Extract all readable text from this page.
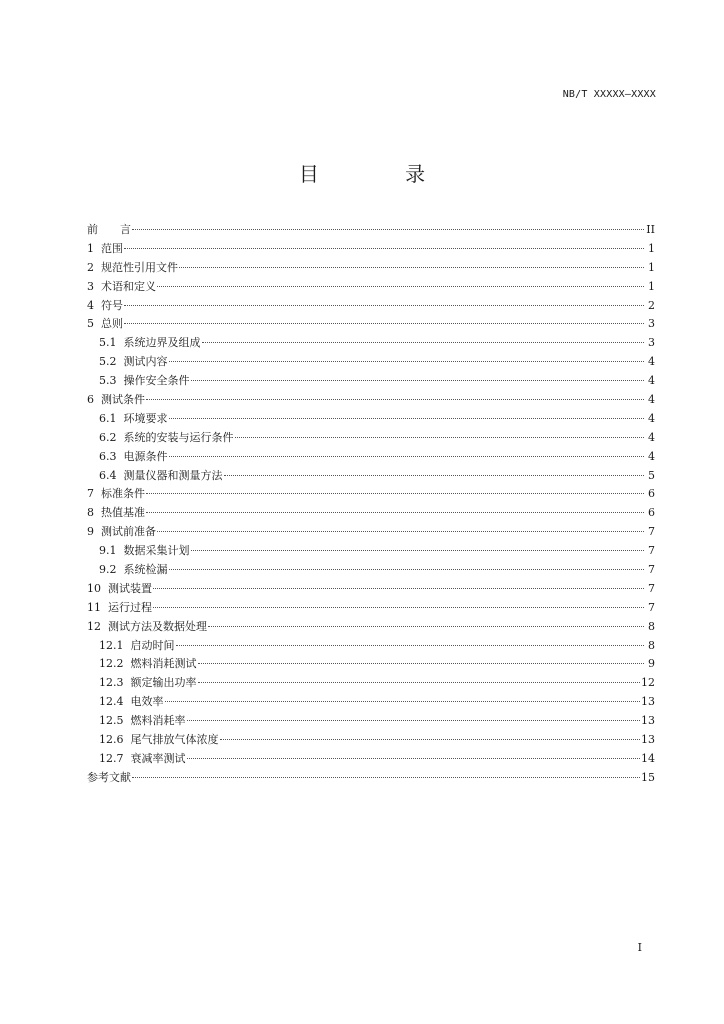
NB/T XXXXX—XXXX
目 录
前　　言	II
1  范围	1
2  规范性引用文件	1
3  术语和定义	1
4  符号	2
5  总则	3
5.1  系统边界及组成	3
5.2  测试内容	4
5.3  操作安全条件	4
6  测试条件	4
6.1  环境要求	4
6.2  系统的安装与运行条件	4
6.3  电源条件	4
6.4  测量仪器和测量方法	5
7  标准条件	6
8  热值基准	6
9  测试前准备	7
9.1  数据采集计划	7
9.2  系统检漏	7
10  测试装置	7
11  运行过程	7
12  测试方法及数据处理	8
12.1  启动时间	8
12.2  燃料消耗测试	9
12.3  额定输出功率	12
12.4  电效率	13
12.5  燃料消耗率	13
12.6  尾气排放气体浓度	13
12.7  衰减率测试	14
参考文献	15
I
